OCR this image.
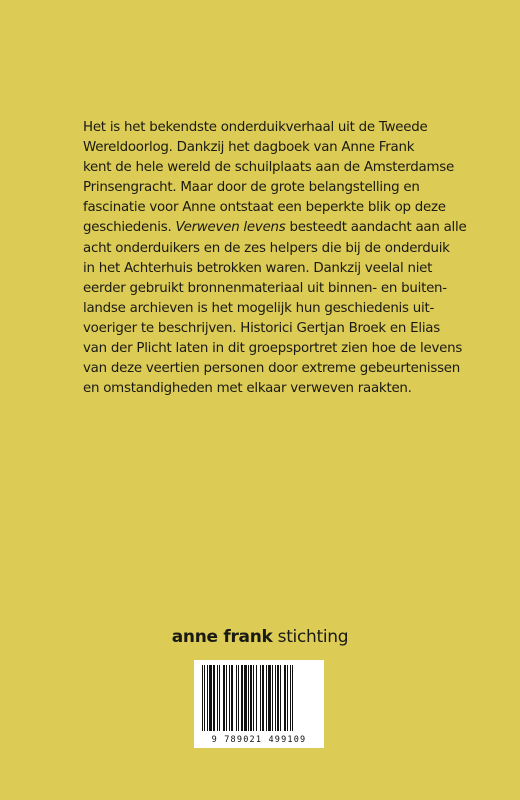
Het is het bekendste onderduikverhaal uit de Tweede
Wereldoorlog. Dankzij het dagboek van Anne Frank
kent de hele wereld de schuilplaats aan de Amsterdamse
Prinsengracht. Maar door de grote belangstelling en
fascinatie voor Anne ontstaat een beperkte blik op deze
geschiedenis. Verweven levens besteedt aandacht aan alle
acht onderduikers en de zes helpers die bij de onderduik
in het Achterhuis betrokken waren. Dankzij veelal niet
eerder gebruikt bronnenmateriaal uit binnen- en buiten-
landse archieven is het mogelijk hun geschiedenis uit-
voeriger te beschrijven. Historici Gertjan Broek en Elias
van der Plicht laten in dit groepsportret zien hoe de levens
van deze veertien personen door extreme gebeurtenissen
en omstandigheden met elkaar verweven raakten.

anne frank stichting
9 789021 499109
